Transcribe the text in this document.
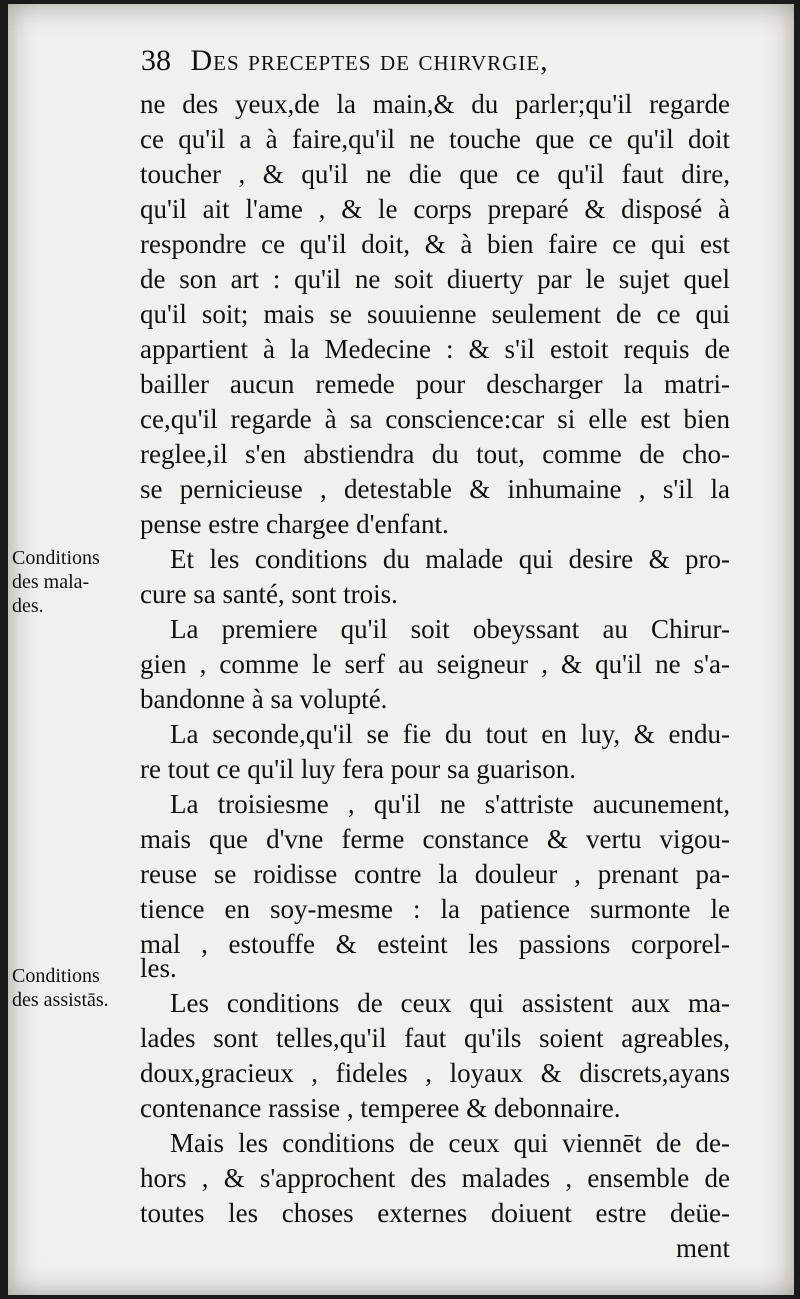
38 Des preceptes de chirvrgie,
ne des yeux,de la main,& du parler;qu'il regarde
ce qu'il a à faire,qu'il ne touche que ce qu'il doit
toucher , & qu'il ne die que ce qu'il faut dire,
qu'il ait l'ame , & le corps preparé & disposé à
respondre ce qu'il doit, & à bien faire ce qui est
de son art : qu'il ne soit diuerty par le sujet quel
qu'il soit; mais se souuienne seulement de ce qui
appartient à la Medecine : & s'il estoit requis de
bailler aucun remede pour descharger la matri-
ce,qu'il regarde à sa conscience:car si elle est bien
reglee,il s'en abstiendra du tout, comme de cho-
se pernicieuse , detestable & inhumaine , s'il la
pense estre chargee d'enfant.
Et les conditions du malade qui desire & pro-
cure sa santé, sont trois.
La premiere qu'il soit obeyssant au Chirur-
gien , comme le serf au seigneur , & qu'il ne s'a-
bandonne à sa volupté.
La seconde,qu'il se fie du tout en luy, & endu-
re tout ce qu'il luy fera pour sa guarison.
La troisiesme , qu'il ne s'attriste aucunement,
mais que d'vne ferme constance & vertu vigou-
reuse se roidisse contre la douleur , prenant pa-
tience en soy-mesme : la patience surmonte le
mal , estouffe & esteint les passions corporel-
les.
Les conditions de ceux qui assistent aux ma-
lades sont telles,qu'il faut qu'ils soient agreables,
doux,gracieux , fideles , loyaux & discrets,ayans
contenance rassise , temperee & debonnaire.
Mais les conditions de ceux qui viennēt de de-
hors , & s'approchent des malades , ensemble de
toutes les choses externes doiuent estre deüe-
ment
Conditions
des mala-
des.
Conditions
des assistās.
